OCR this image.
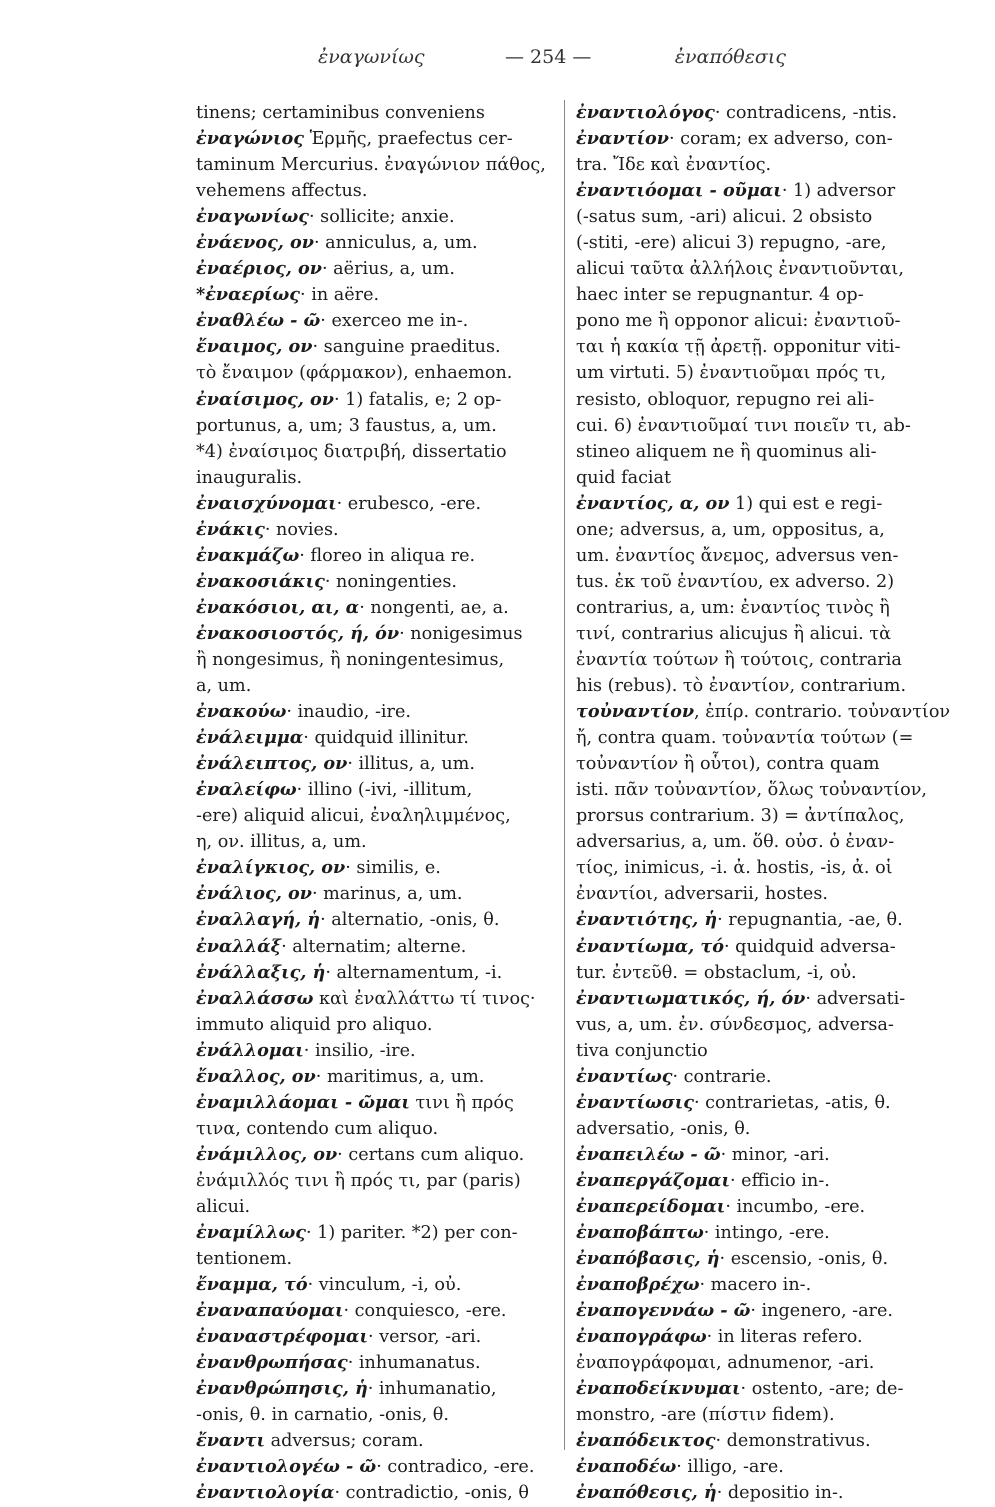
ἐναγωνίως	— 254 —	ἐναπόθεσις
tinens; certaminibus conveniens
ἐναγώνιος Ἑρμῆς, praefectus cer-
taminum Mercurius. ἐναγώνιον πάθος,
vehemens affectus.
ἐναγωνίως· sollicite; anxie.
ἐνάενος, ον· anniculus, a, um.
ἐναέριος, ον· aërius, a, um.
*ἐναερίως· in aëre.
ἐναθλέω - ῶ· exerceo me in-.
ἔναιμος, ον· sanguine praeditus.
τὸ ἔναιμον (φάρμακον), enhaemon.
ἐναίσιμος, ον· 1) fatalis, e; 2 op-
portunus, a, um; 3 faustus, a, um.
*4) ἐναίσιμος διατριβή, dissertatio
inauguralis.
ἐναισχύνομαι· erubesco, -ere.
ἐνάκις· novies.
ἐνακμάζω· floreo in aliqua re.
ἐνακοσιάκις· noningenties.
ἐνακόσιοι, αι, α· nongenti, ae, a.
ἐνακοσιοστός, ή, όν· nonigesimus
ἢ nongesimus, ἢ noningentesimus,
a, um.
ἐνακούω· inaudio, -ire.
ἐνάλειμμα· quidquid illinitur.
ἐνάλειπτος, ον· illitus, a, um.
ἐναλείφω· illino (-ivi, -illitum,
-ere) aliquid alicui, ἐναληλιμμένος,
η, ον. illitus, a, um.
ἐναλίγκιος, ον· similis, e.
ἐνάλιος, ον· marinus, a, um.
ἐναλλαγή, ἡ· alternatio, -onis, θ.
ἐναλλάξ· alternatim; alterne.
ἐνάλλαξις, ἡ· alternamentum, -i.
ἐναλλάσσω καὶ ἐναλλάττω τί τινος·
immuto aliquid pro aliquo.
ἐνάλλομαι· insilio, -ire.
ἔναλλος, ον· maritimus, a, um.
ἐναμιλλάομαι - ῶμαι τινι ἢ πρός
τινα, contendo cum aliquo.
ἐνάμιλλος, ον· certans cum aliquo.
ἐνάμιλλός τινι ἢ πρός τι, par (paris)
alicui.
ἐναμίλλως· 1) pariter. *2) per con-
tentionem.
ἔναμμα, τό· vinculum, -i, οὐ.
ἐναναπαύομαι· conquiesco, -ere.
ἐναναστρέφομαι· versor, -ari.
ἐνανθρωπήσας· inhumanatus.
ἐνανθρώπησις, ἡ· inhumanatio,
-onis, θ. in carnatio, -onis, θ.
ἔναντι adversus; coram.
ἐναντιολογέω - ῶ· contradico, -ere.
ἐναντιολογία· contradictio, -onis, θ
ἐναντιολόγος· contradicens, -ntis.
ἐναντίον· coram; ex adverso, con-
tra. Ἴδε καὶ ἐναντίος.
ἐναντιόομαι - οῦμαι· 1) adversor
(-satus sum, -ari) alicui. 2 obsisto
(-stiti, -ere) alicui 3) repugno, -are,
alicui ταῦτα ἀλλήλοις ἐναντιοῦνται,
haec inter se repugnantur. 4 op-
pono me ἢ opponor alicui: ἐναντιοῦ-
ται ἡ κακία τῇ ἀρετῇ. opponitur viti-
um virtuti. 5) ἐναντιοῦμαι πρός τι,
resisto, obloquor, repugno rei ali-
cui. 6) ἐναντιοῦμαί τινι ποιεῖν τι, ab-
stineo aliquem ne ἢ quominus ali-
quid faciat
ἐναντίος, α, ον 1) qui est e regi-
one; adversus, a, um, oppositus, a,
um. ἐναντίος ἄνεμος, adversus ven-
tus. ἐκ τοῦ ἐναντίου, ex adverso. 2)
contrarius, a, um: ἐναντίος τινὸς ἢ
τινί, contrarius alicujus ἢ alicui. τὰ
ἐναντία τούτων ἢ τούτοις, contraria
his (rebus). τὸ ἐναντίον, contrarium.
τοὐναντίον, ἐπίρ. contrario. τοὐναντίον
ἤ, contra quam. τοὐναντία τούτων (=
τοὐναντίον ἢ οὗτοι), contra quam
isti. πᾶν τοὐναντίον, ὅλως τοὐναντίον,
prorsus contrarium. 3) = ἀντίπαλος,
adversarius, a, um. ὅθ. οὐσ. ὁ ἐναν-
τίος, inimicus, -i. ἀ. hostis, -is, ἀ. οἱ
ἐναντίοι, adversarii, hostes.
ἐναντιότης, ἡ· repugnantia, -ae, θ.
ἐναντίωμα, τό· quidquid adversa-
tur. ἐντεῦθ. = obstaclum, -i, οὐ.
ἐναντιωματικός, ή, όν· adversati-
vus, a, um. ἐν. σύνδεσμος, adversa-
tiva conjunctio
ἐναντίως· contrarie.
ἐναντίωσις· contrarietas, -atis, θ.
adversatio, -onis, θ.
ἐναπειλέω - ῶ· minor, -ari.
ἐναπεργάζομαι· efficio in-.
ἐναπερείδομαι· incumbo, -ere.
ἐναποβάπτω· intingo, -ere.
ἐναπόβασις, ἡ· escensio, -onis, θ.
ἐναποβρέχω· macero in-.
ἐναπογεννάω - ῶ· ingenero, -are.
ἐναπογράφω· in literas refero.
ἐναπογράφομαι, adnumenor, -ari.
ἐναποδείκνυμαι· ostento, -are; de-
monstro, -are (πίστιν fidem).
ἐναπόδεικτος· demonstrativus.
ἐναποδέω· illigo, -are.
ἐναπόθεσις, ἡ· depositio in-.
